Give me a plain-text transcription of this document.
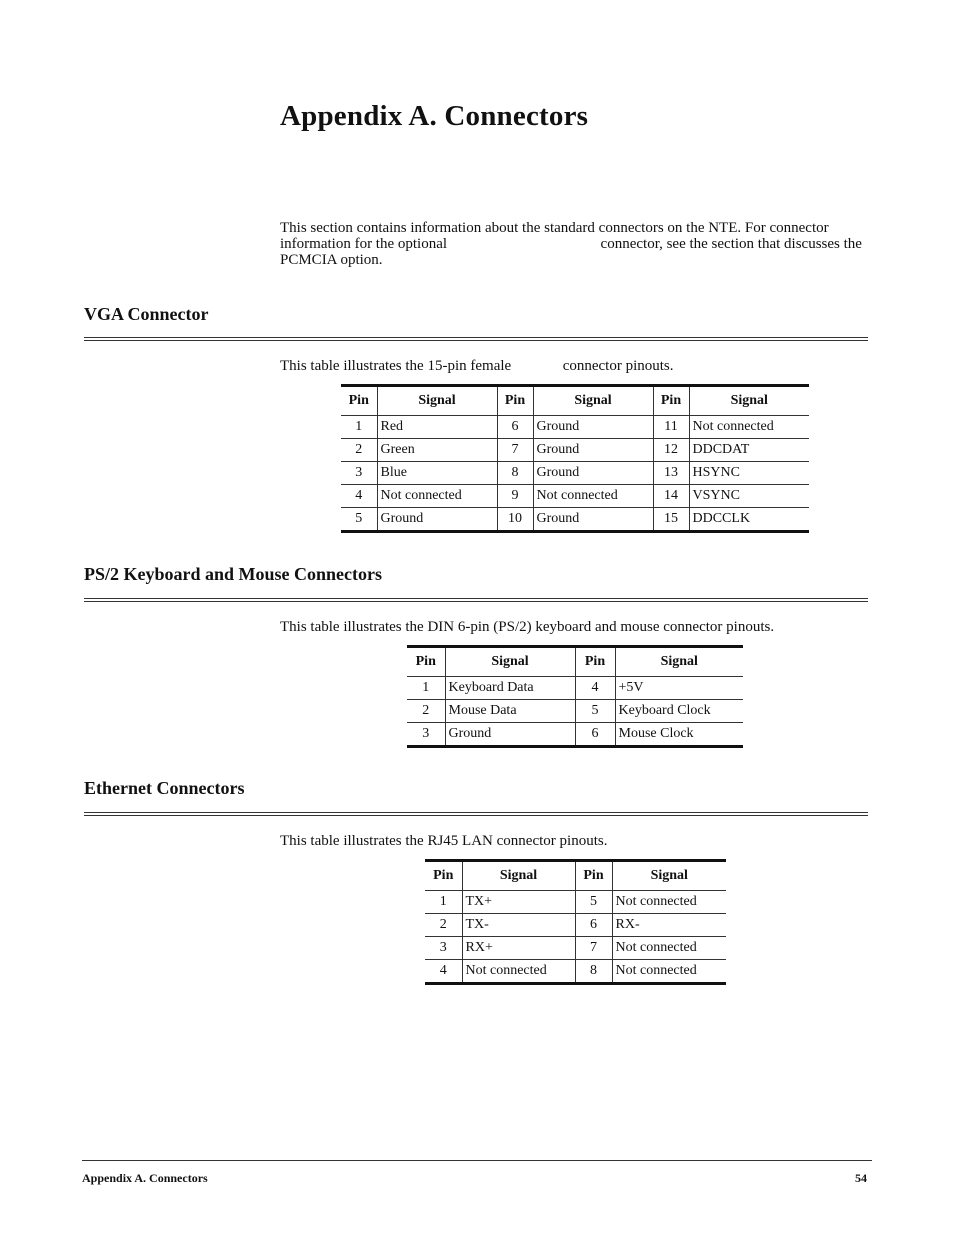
Appendix A. Connectors

This section contains information about the standard connectors on the NTE. For connector information for the optional	connector, see the section that discusses the PCMCIA option.

VGA Connector

This table illustrates the 15-pin female	connector pinouts.

Pin	Signal	Pin	Signal	Pin	Signal
1	Red	6	Ground	11	Not connected
2	Green	7	Ground	12	DDCDAT
3	Blue	8	Ground	13	HSYNC
4	Not connected	9	Not connected	14	VSYNC
5	Ground	10	Ground	15	DDCCLK
PS/2 Keyboard and Mouse Connectors

This table illustrates the DIN 6-pin (PS/2) keyboard and mouse connector pinouts.

Pin	Signal	Pin	Signal
1	Keyboard Data	4	+5V
2	Mouse Data	5	Keyboard Clock
3	Ground	6	Mouse Clock
Ethernet Connectors

This table illustrates the RJ45 LAN connector pinouts.

Pin	Signal	Pin	Signal
1	TX+	5	Not connected
2	TX-	6	RX-
3	RX+	7	Not connected
4	Not connected	8	Not connected
Appendix A. Connectors	54
